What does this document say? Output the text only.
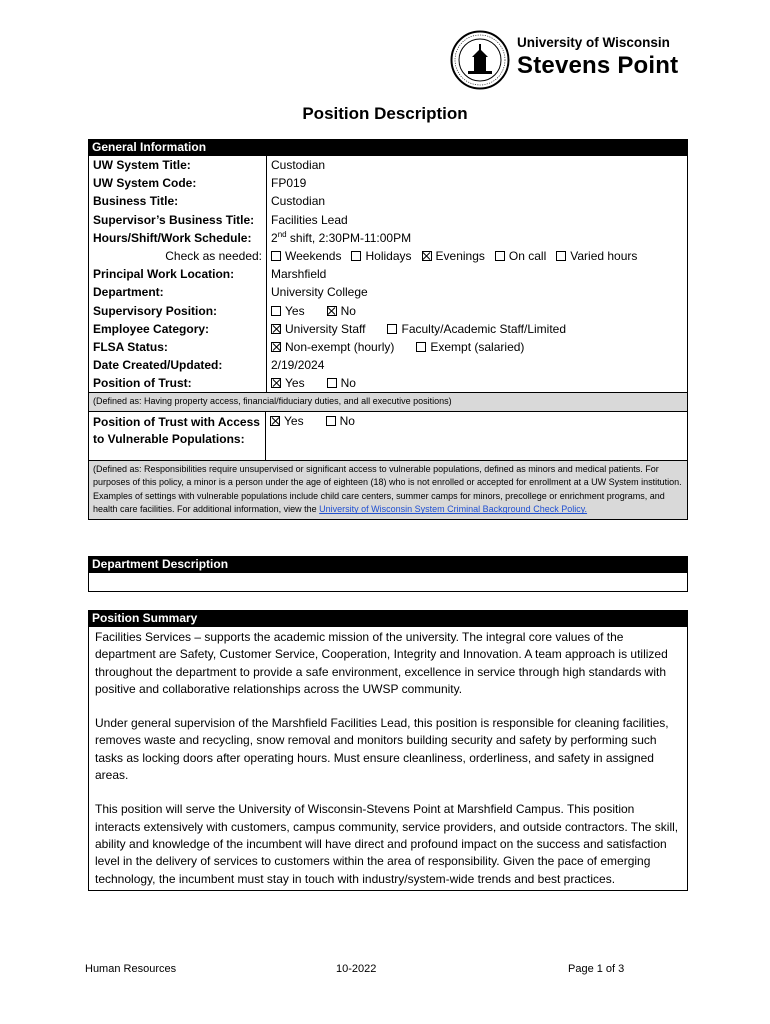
University of Wisconsin
Stevens Point
Position Description
General Information
UW System Title:	Custodian
UW System Code:	FP019
Business Title:	Custodian
Supervisor’s Business Title:	Facilities Lead
Hours/Shift/Work Schedule:	2nd shift, 2:30PM-11:00PM
Check as needed:	Weekends Holidays Evenings On call Varied hours
Principal Work Location:	Marshfield
Department:	University College
Supervisory Position:	Yes No
Employee Category:	University Staff Faculty/Academic Staff/Limited
FLSA Status:	Non-exempt (hourly) Exempt (salaried)
Date Created/Updated:	2/19/2024
Position of Trust:	Yes No
(Defined as: Having property access, financial/fiduciary duties, and all executive positions)
Position of Trust with Access to Vulnerable Populations:
Yes	No
(Defined as: Responsibilities require unsupervised or significant access to vulnerable populations, defined as minors and medical patients. For purposes of this policy, a minor is a person under the age of eighteen (18) who is not enrolled or accepted for enrollment at a UW System institution. Examples of settings with vulnerable populations include child care centers, summer camps for minors, precollege or enrichment programs, and health care facilities. For additional information, view the University of Wisconsin System Criminal Background Check Policy.
Department Description
Position Summary

Facilities Services – supports the academic mission of the university. The integral core values of the department are Safety, Customer Service, Cooperation, Integrity and Innovation. A team approach is utilized throughout the department to provide a safe environment, excellence in service through high standards with positive and collaborative relationships across the UWSP community.

Under general supervision of the Marshfield Facilities Lead, this position is responsible for cleaning facilities, removes waste and recycling, snow removal and monitors building security and safety by performing such tasks as locking doors after operating hours. Must ensure cleanliness, orderliness, and safety in assigned areas.

This position will serve the University of Wisconsin-Stevens Point at Marshfield Campus. This position interacts extensively with customers, campus community, service providers, and outside contractors. The skill, ability and knowledge of the incumbent will have direct and profound impact on the success and satisfaction level in the delivery of services to customers within the area of responsibility. Given the pace of emerging technology, the incumbent must stay in touch with industry/system-wide trends and best practices.

Human Resources	10-2022	Page 1 of 3
